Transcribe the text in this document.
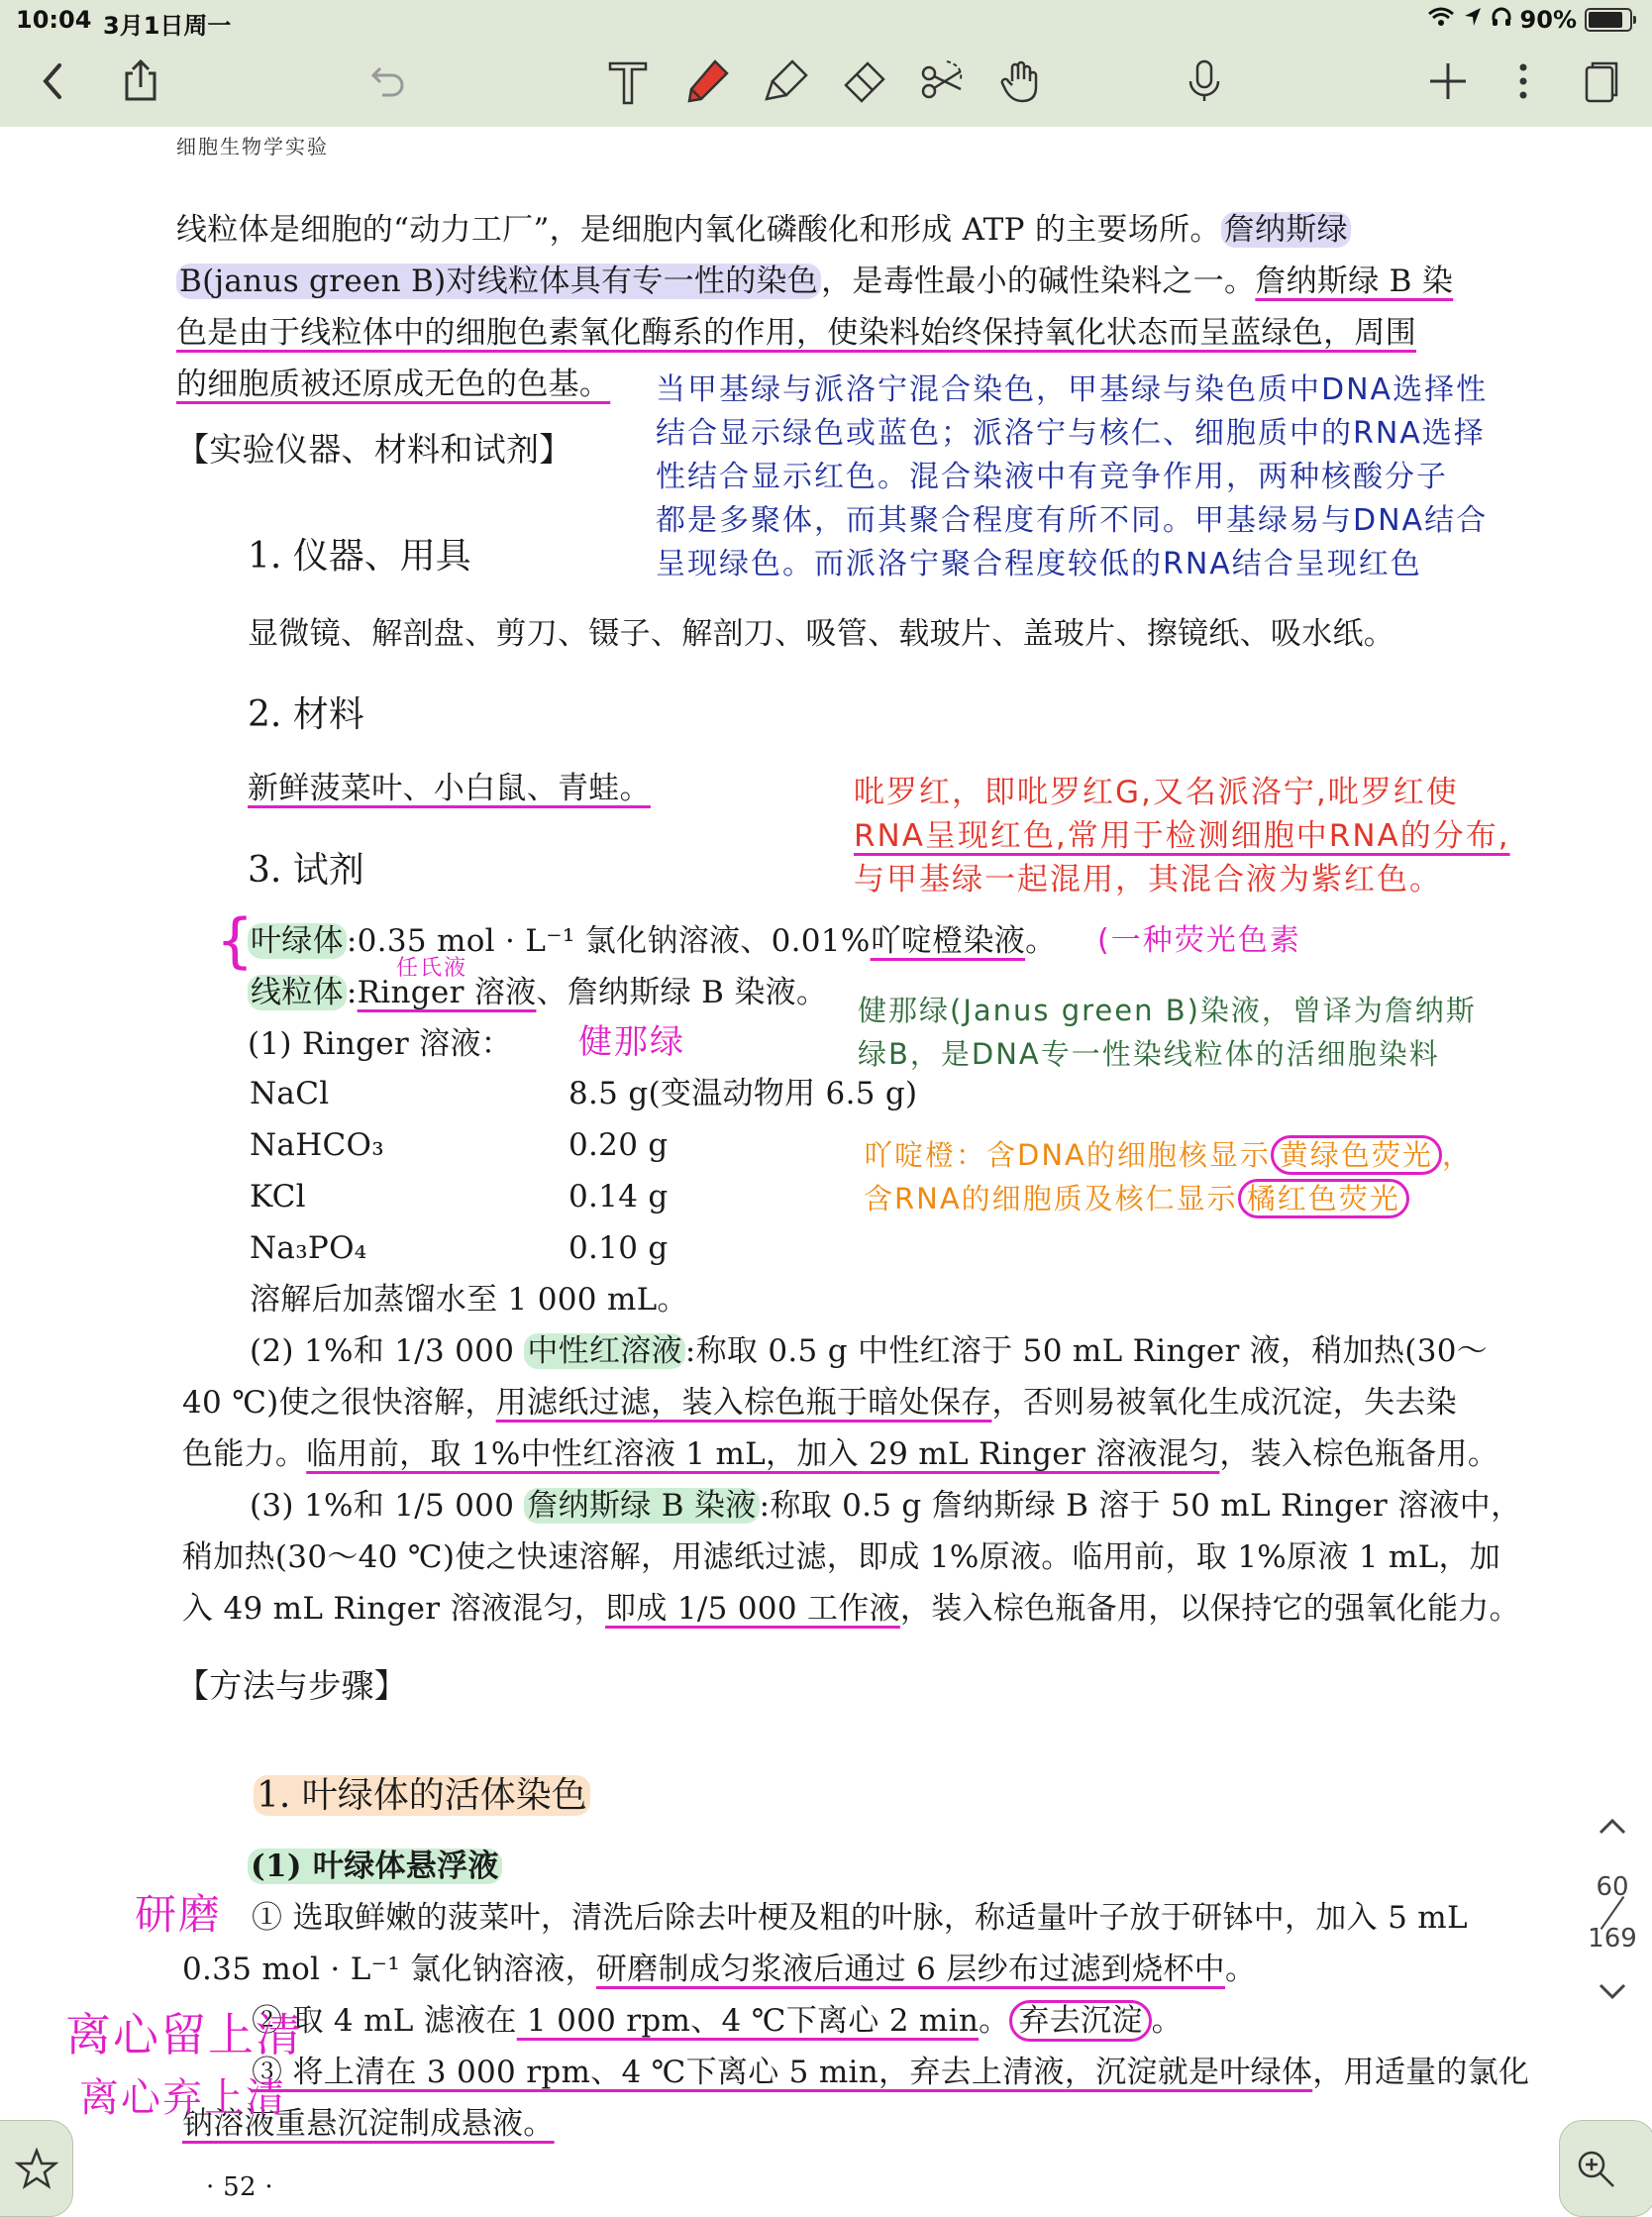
10:04 3月1日周一	90%
细胞生物学实验
线粒体是细胞的“动力工厂”，是细胞内氧化磷酸化和形成 ATP 的主要场所。詹纳斯绿
B(janus green B)对线粒体具有专一性的染色，是毒性最小的碱性染料之一。詹纳斯绿 B 染
色是由于线粒体中的细胞色素氧化酶系的作用，使染料始终保持氧化状态而呈蓝绿色，周围
的细胞质被还原成无色的色基。
【实验仪器、材料和试剂】
1. 仪器、用具
显微镜、解剖盘、剪刀、镊子、解剖刀、吸管、载玻片、盖玻片、擦镜纸、吸水纸。
2. 材料
新鲜菠菜叶、小白鼠、青蛙。
3. 试剂
叶绿体:0.35 mol · L⁻¹ 氯化钠溶液、0.01%吖啶橙染液。
线粒体:Ringer 溶液、詹纳斯绿 B 染液。
(1) Ringer 溶液：
NaCl	8.5 g(变温动物用 6.5 g)
NaHCO₃	0.20 g
KCl	0.14 g
Na₃PO₄	0.10 g
溶解后加蒸馏水至 1 000 mL。
(2) 1%和 1/3 000 中性红溶液:称取 0.5 g 中性红溶于 50 mL Ringer 液，稍加热(30～
40 ℃)使之很快溶解，用滤纸过滤，装入棕色瓶于暗处保存，否则易被氧化生成沉淀，失去染
色能力。临用前，取 1%中性红溶液 1 mL，加入 29 mL Ringer 溶液混匀，装入棕色瓶备用。
(3) 1%和 1/5 000 詹纳斯绿 B 染液:称取 0.5 g 詹纳斯绿 B 溶于 50 mL Ringer 溶液中，
稍加热(30～40 ℃)使之快速溶解，用滤纸过滤，即成 1%原液。临用前，取 1%原液 1 mL，加
入 49 mL Ringer 溶液混匀，即成 1/5 000 工作液，装入棕色瓶备用，以保持它的强氧化能力。
【方法与步骤】
1. 叶绿体的活体染色
(1) 叶绿体悬浮液
① 选取鲜嫩的菠菜叶，清洗后除去叶梗及粗的叶脉，称适量叶子放于研钵中，加入 5 mL
0.35 mol · L⁻¹ 氯化钠溶液，研磨制成匀浆液后通过 6 层纱布过滤到烧杯中。
② 取 4 mL 滤液在 1 000 rpm、4 ℃下离心 2 min。 弃去沉淀 。
③ 将上清在 3 000 rpm、4 ℃下离心 5 min，弃去上清液，沉淀就是叶绿体，用适量的氯化
钠溶液重悬沉淀制成悬液。
· 52 ·
当甲基绿与派洛宁混合染色，甲基绿与染色质中DNA选择性
结合显示绿色或蓝色；派洛宁与核仁、细胞质中的RNA选择
性结合显示红色。混合染液中有竞争作用，两种核酸分子
都是多聚体，而其聚合程度有所不同。甲基绿易与DNA结合
呈现绿色。而派洛宁聚合程度较低的RNA结合呈现红色
吡罗红，即吡罗红G,又名派洛宁,吡罗红使
RNA呈现红色,常用于检测细胞中RNA的分布,
与甲基绿一起混用，其混合液为紫红色。
(一种荧光色素
任氏液
健那绿
{
健那绿(Janus green B)染液，曾译为詹纳斯
绿B，是DNA专一性染线粒体的活细胞染料
吖啶橙：含DNA的细胞核显示 黄绿色荧光 ，
含RNA的细胞质及核仁显示 橘红色荧光
研磨
离心留上清
离心弃上清
60
169
